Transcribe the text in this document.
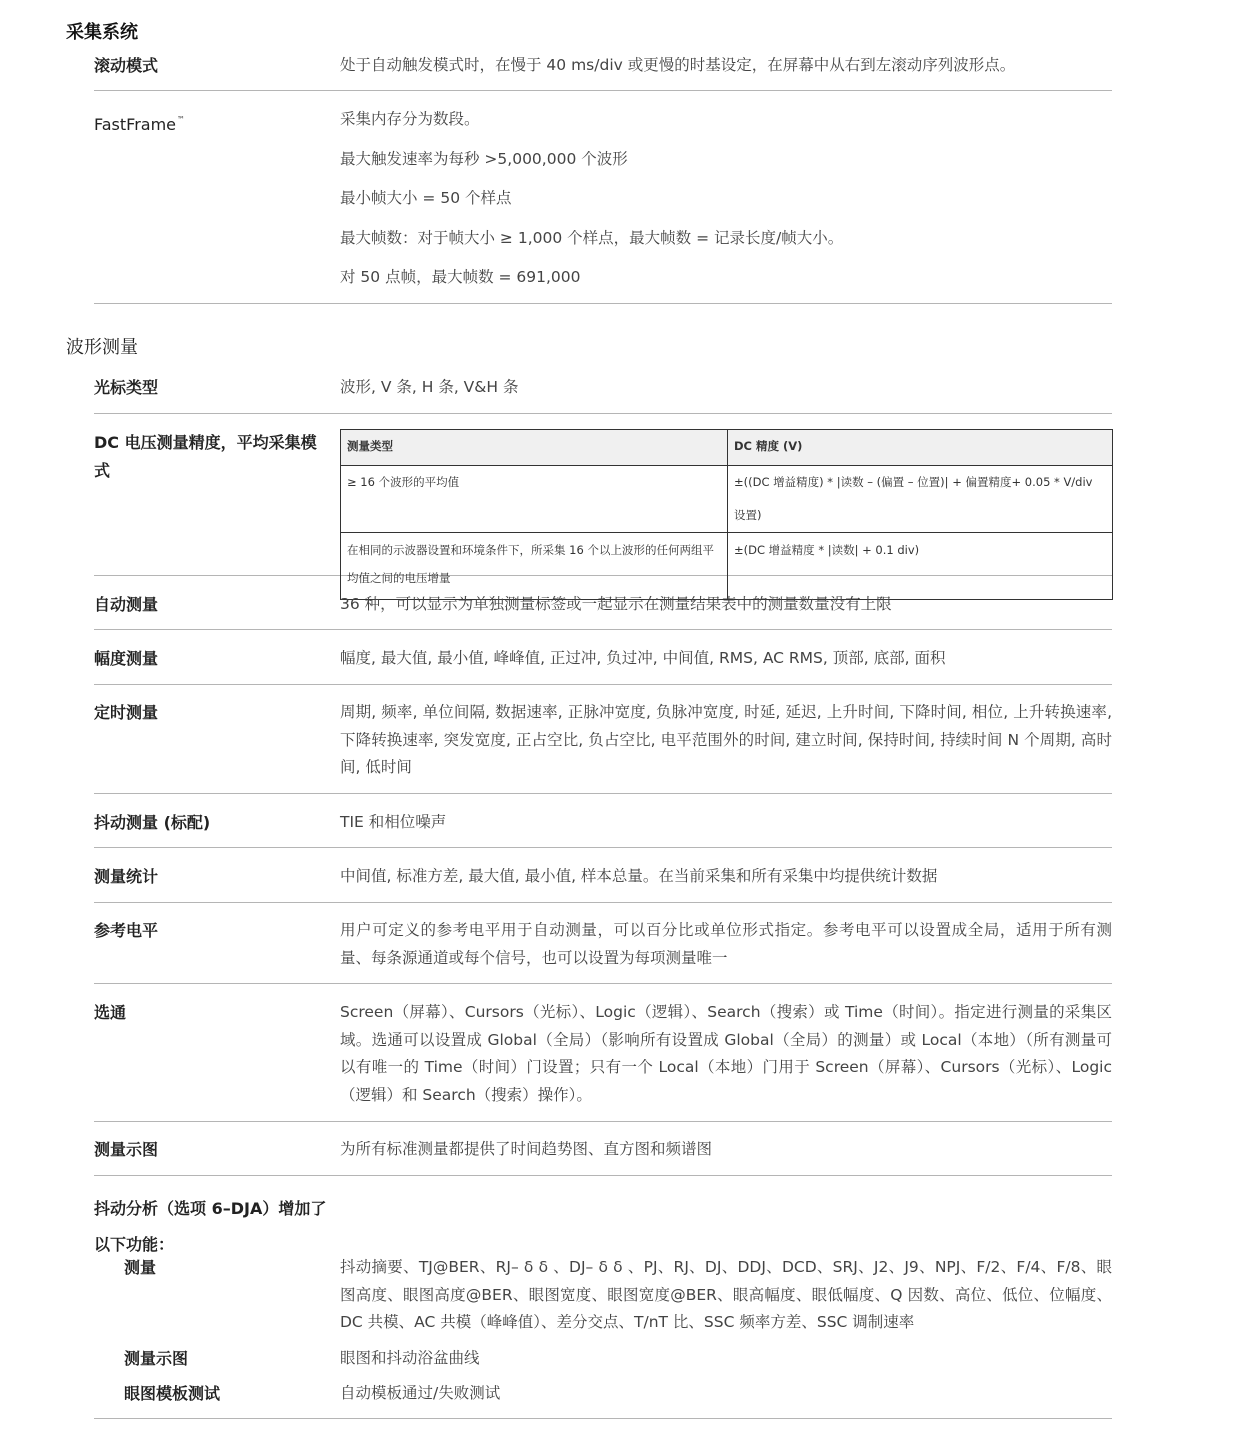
采集系统
滚动模式	处于自动触发模式时，在慢于 40 ms/div 或更慢的时基设定，在屏幕中从右到左滚动序列波形点。
FastFrame™	采集内存分为数段。
最大触发速率为每秒 >5,000,000 个波形
最小帧大小 = 50 个样点
最大帧数：对于帧大小 ≥ 1,000 个样点，最大帧数 = 记录长度/帧大小。
对 50 点帧，最大帧数 = 691,000
波形测量
光标类型	波形, V 条, H 条, V&H 条
DC 电压测量精度，平均采集模式
测量类型	DC 精度 (V)
≥ 16 个波形的平均值	±((DC 增益精度) * |读数 – (偏置 – 位置)| + 偏置精度+ 0.05 * V/div 设置)
在相同的示波器设置和环境条件下，所采集 16 个以上波形的任何两组平均值之间的电压增量	±(DC 增益精度 * |读数| + 0.1 div)
自动测量	36 种，可以显示为单独测量标签或一起显示在测量结果表中的测量数量没有上限
幅度测量	幅度, 最大值, 最小值, 峰峰值, 正过冲, 负过冲, 中间值, RMS, AC RMS, 顶部, 底部, 面积
定时测量	周期, 频率, 单位间隔, 数据速率, 正脉冲宽度, 负脉冲宽度, 时延, 延迟, 上升时间, 下降时间, 相位, 上升转换速率, 下降转换速率, 突发宽度, 正占空比, 负占空比, 电平范围外的时间, 建立时间, 保持时间, 持续时间 N 个周期, 高时间, 低时间
抖动测量 (标配)	TIE 和相位噪声
测量统计	中间值, 标准方差, 最大值, 最小值, 样本总量。在当前采集和所有采集中均提供统计数据
参考电平	用户可定义的参考电平用于自动测量，可以百分比或单位形式指定。参考电平可以设置成全局，适用于所有测量、每条源通道或每个信号，也可以设置为每项测量唯一
选通	Screen（屏幕）、Cursors（光标）、Logic（逻辑）、Search（搜索）或 Time（时间）。指定进行测量的采集区域。选通可以设置成 Global（全局）（影响所有设置成 Global（全局）的测量）或 Local（本地）（所有测量可以有唯一的 Time（时间）门设置；只有一个 Local（本地）门用于 Screen（屏幕）、Cursors（光标）、Logic（逻辑）和 Search（搜索）操作）。
测量示图	为所有标准测量都提供了时间趋势图、直方图和频谱图
抖动分析（选项 6–DJA）增加了以下功能：
测量	抖动摘要、TJ@BER、RJ– δ δ 、DJ– δ δ 、PJ、RJ、DJ、DDJ、DCD、SRJ、J2、J9、NPJ、F/2、F/4、F/8、眼图高度、眼图高度@BER、眼图宽度、眼图宽度@BER、眼高幅度、眼低幅度、Q 因数、高位、低位、位幅度、DC 共模、AC 共模（峰峰值）、差分交点、T/nT 比、SSC 频率方差、SSC 调制速率
测量示图	眼图和抖动浴盆曲线
眼图模板测试	自动模板通过/失败测试
